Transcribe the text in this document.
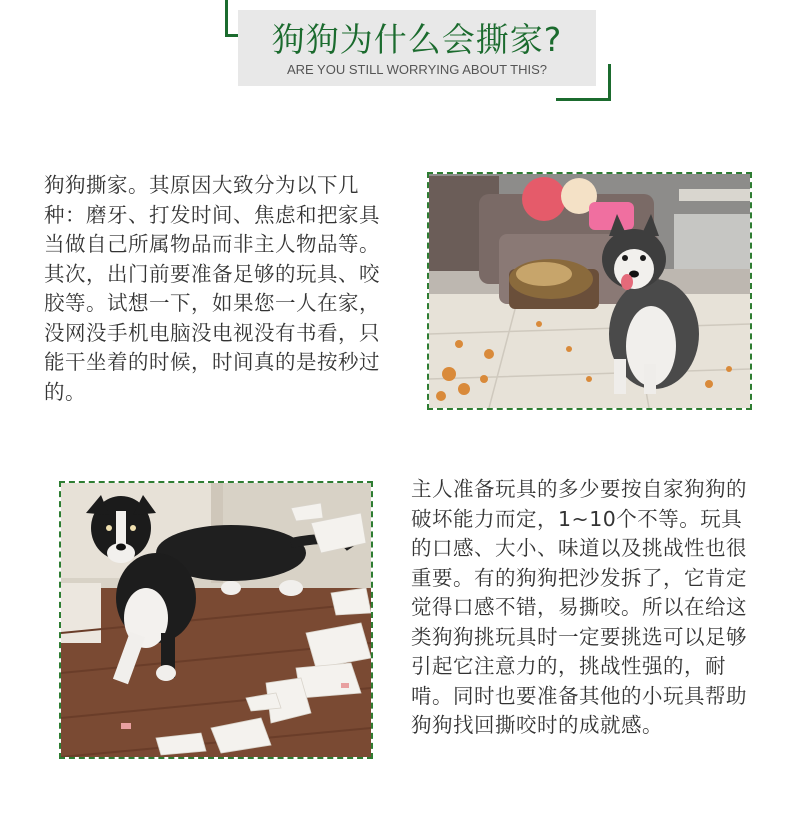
狗狗为什么会撕家?
ARE YOU STILL WORRYING ABOUT THIS?
狗狗撕家。其原因大致分为以下几种：磨牙、打发时间、焦虑和把家具当做自己所属物品而非主人物品等。其次，出门前要准备足够的玩具、咬胶等。试想一下，如果您一人在家，没网没手机电脑没电视没有书看，只能干坐着的时候，时间真的是按秒过的。
主人准备玩具的多少要按自家狗狗的破坏能力而定，1~10个不等。玩具的口感、大小、味道以及挑战性也很重要。有的狗狗把沙发拆了，它肯定觉得口感不错，易撕咬。所以在给这类狗狗挑玩具时一定要挑选可以足够引起它注意力的，挑战性强的，耐啃。同时也要准备其他的小玩具帮助狗狗找回撕咬时的成就感。
